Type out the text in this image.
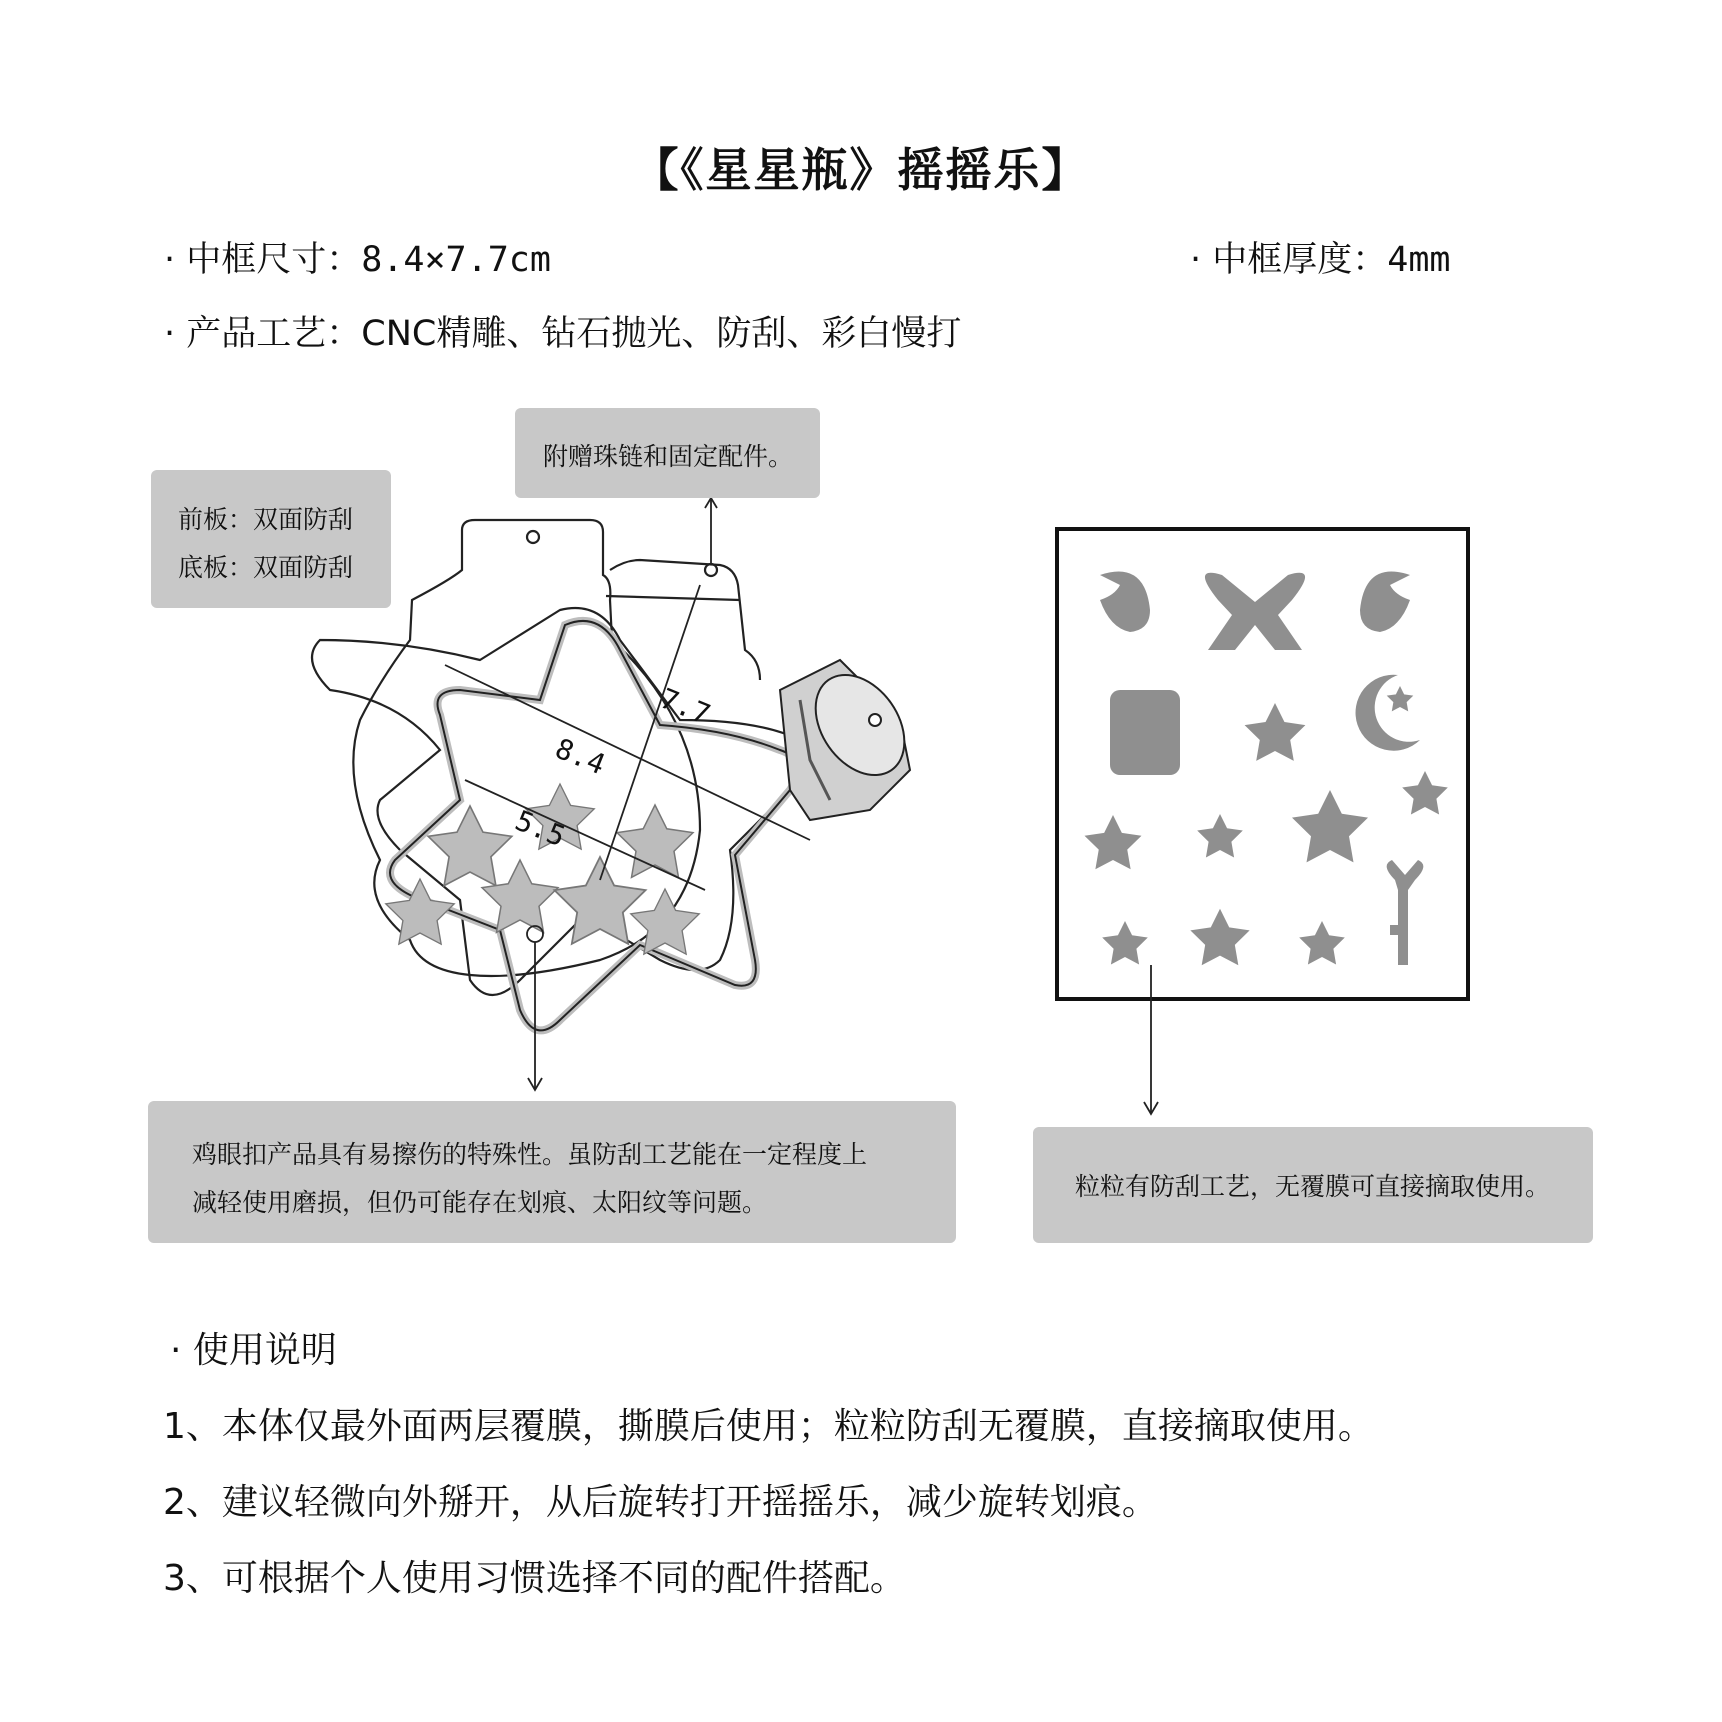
【《星星瓶》摇摇乐】
· 中框尺寸：8.4×7.7cm	· 中框厚度：4mm
· 产品工艺：CNC精雕、钻石抛光、防刮、彩白慢打
7.7
8.4
5.5

附赠珠链和固定配件。

前板：双面防刮

底板：双面防刮

鸡眼扣产品具有易擦伤的特殊性。虽防刮工艺能在一定程度上

减轻使用磨损，但仍可能存在划痕、太阳纹等问题。

粒粒有防刮工艺，无覆膜可直接摘取使用。

· 使用说明
1、本体仅最外面两层覆膜，撕膜后使用；粒粒防刮无覆膜，直接摘取使用。
2、建议轻微向外掰开，从后旋转打开摇摇乐，减少旋转划痕。
3、可根据个人使用习惯选择不同的配件搭配。
